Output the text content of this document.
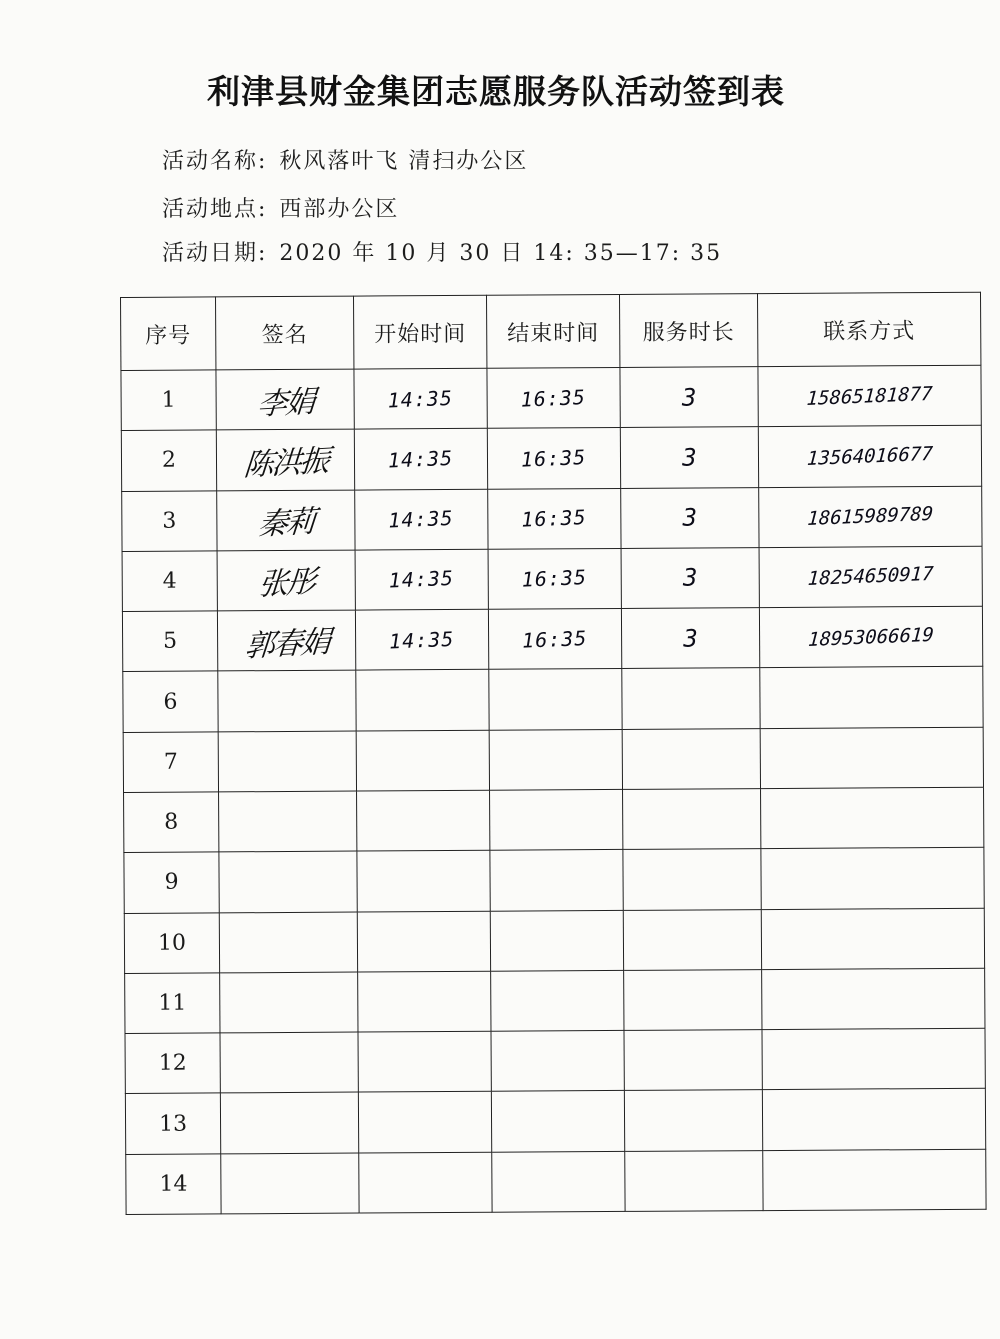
利津县财金集团志愿服务队活动签到表
活动名称: 秋风落叶飞 清扫办公区
活动地点: 西部办公区
活动日期: 2020 年 10 月 30 日 14: 35—17: 35
序号	签名	开始时间	结束时间	服务时长	联系方式
1	李娟	14:35	16:35	3	15865181877
2	陈洪振	14:35	16:35	3	13564016677
3	秦莉	14:35	16:35	3	18615989789
4	张彤	14:35	16:35	3	18254650917
5	郭春娟	14:35	16:35	3	18953066619
6					
7					
8					
9					
10					
11					
12					
13					
14					
